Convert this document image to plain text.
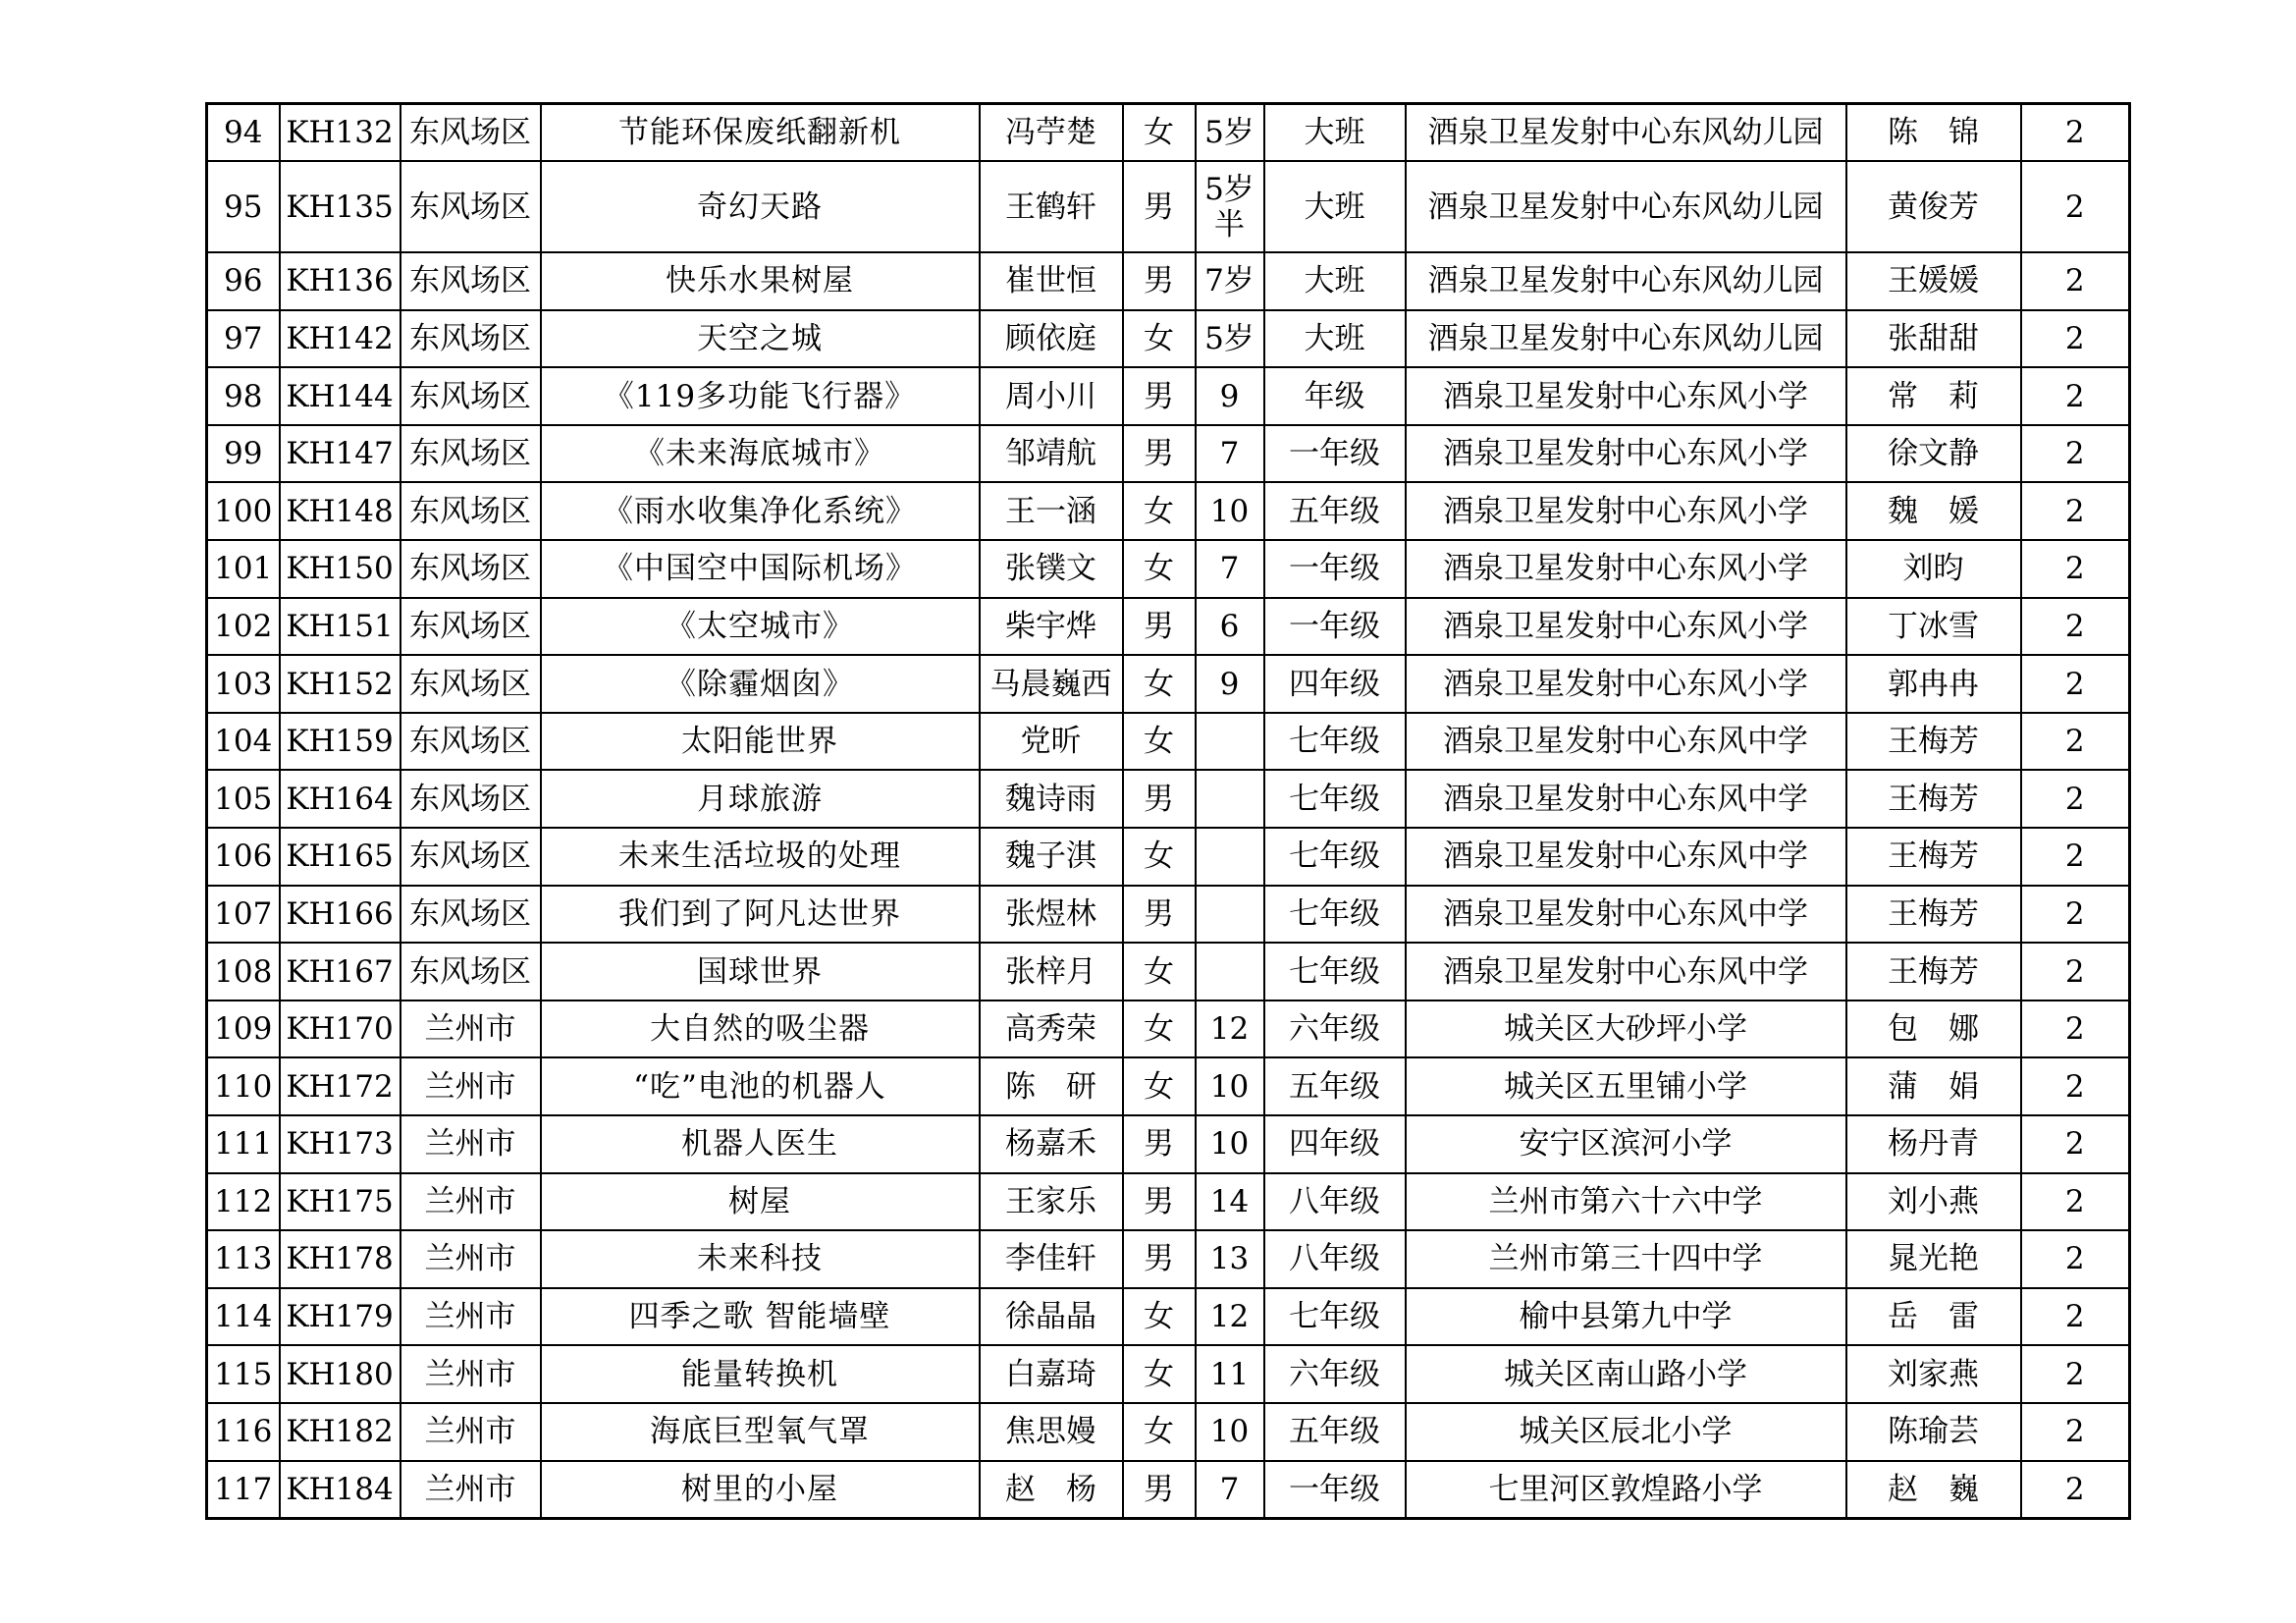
94	KH132	东风场区	节能环保废纸翻新机	冯苧楚	女	5岁	大班	酒泉卫星发射中心东风幼儿园	陈　锦	2
95	KH135	东风场区	奇幻天路	王鹤轩	男	5岁半	大班	酒泉卫星发射中心东风幼儿园	黄俊芳	2
96	KH136	东风场区	快乐水果树屋	崔世恒	男	7岁	大班	酒泉卫星发射中心东风幼儿园	王媛媛	2
97	KH142	东风场区	天空之城	顾依庭	女	5岁	大班	酒泉卫星发射中心东风幼儿园	张甜甜	2
98	KH144	东风场区	《119多功能飞行器》	周小川	男	9	年级	酒泉卫星发射中心东风小学	常　莉	2
99	KH147	东风场区	《未来海底城市》	邹靖航	男	7	一年级	酒泉卫星发射中心东风小学	徐文静	2
100	KH148	东风场区	《雨水收集净化系统》	王一涵	女	10	五年级	酒泉卫星发射中心东风小学	魏　媛	2
101	KH150	东风场区	《中国空中国际机场》	张镤文	女	7	一年级	酒泉卫星发射中心东风小学	刘昀	2
102	KH151	东风场区	《太空城市》	柴宇烨	男	6	一年级	酒泉卫星发射中心东风小学	丁冰雪	2
103	KH152	东风场区	《除霾烟囱》	马晨巍西	女	9	四年级	酒泉卫星发射中心东风小学	郭冉冉	2
104	KH159	东风场区	太阳能世界	党昕	女		七年级	酒泉卫星发射中心东风中学	王梅芳	2
105	KH164	东风场区	月球旅游	魏诗雨	男		七年级	酒泉卫星发射中心东风中学	王梅芳	2
106	KH165	东风场区	未来生活垃圾的处理	魏子淇	女		七年级	酒泉卫星发射中心东风中学	王梅芳	2
107	KH166	东风场区	我们到了阿凡达世界	张煜林	男		七年级	酒泉卫星发射中心东风中学	王梅芳	2
108	KH167	东风场区	国球世界	张梓月	女		七年级	酒泉卫星发射中心东风中学	王梅芳	2
109	KH170	兰州市	大自然的吸尘器	高秀荣	女	12	六年级	城关区大砂坪小学	包　娜	2
110	KH172	兰州市	“吃”电池的机器人	陈　研	女	10	五年级	城关区五里铺小学	蒲　娟	2
111	KH173	兰州市	机器人医生	杨嘉禾	男	10	四年级	安宁区滨河小学	杨丹青	2
112	KH175	兰州市	树屋	王家乐	男	14	八年级	兰州市第六十六中学	刘小燕	2
113	KH178	兰州市	未来科技	李佳轩	男	13	八年级	兰州市第三十四中学	晁光艳	2
114	KH179	兰州市	四季之歌 智能墙壁	徐晶晶	女	12	七年级	榆中县第九中学	岳　雷	2
115	KH180	兰州市	能量转换机	白嘉琦	女	11	六年级	城关区南山路小学	刘家燕	2
116	KH182	兰州市	海底巨型氧气罩	焦思嫚	女	10	五年级	城关区辰北小学	陈瑜芸	2
117	KH184	兰州市	树里的小屋	赵　杨	男	7	一年级	七里河区敦煌路小学	赵　巍	2
